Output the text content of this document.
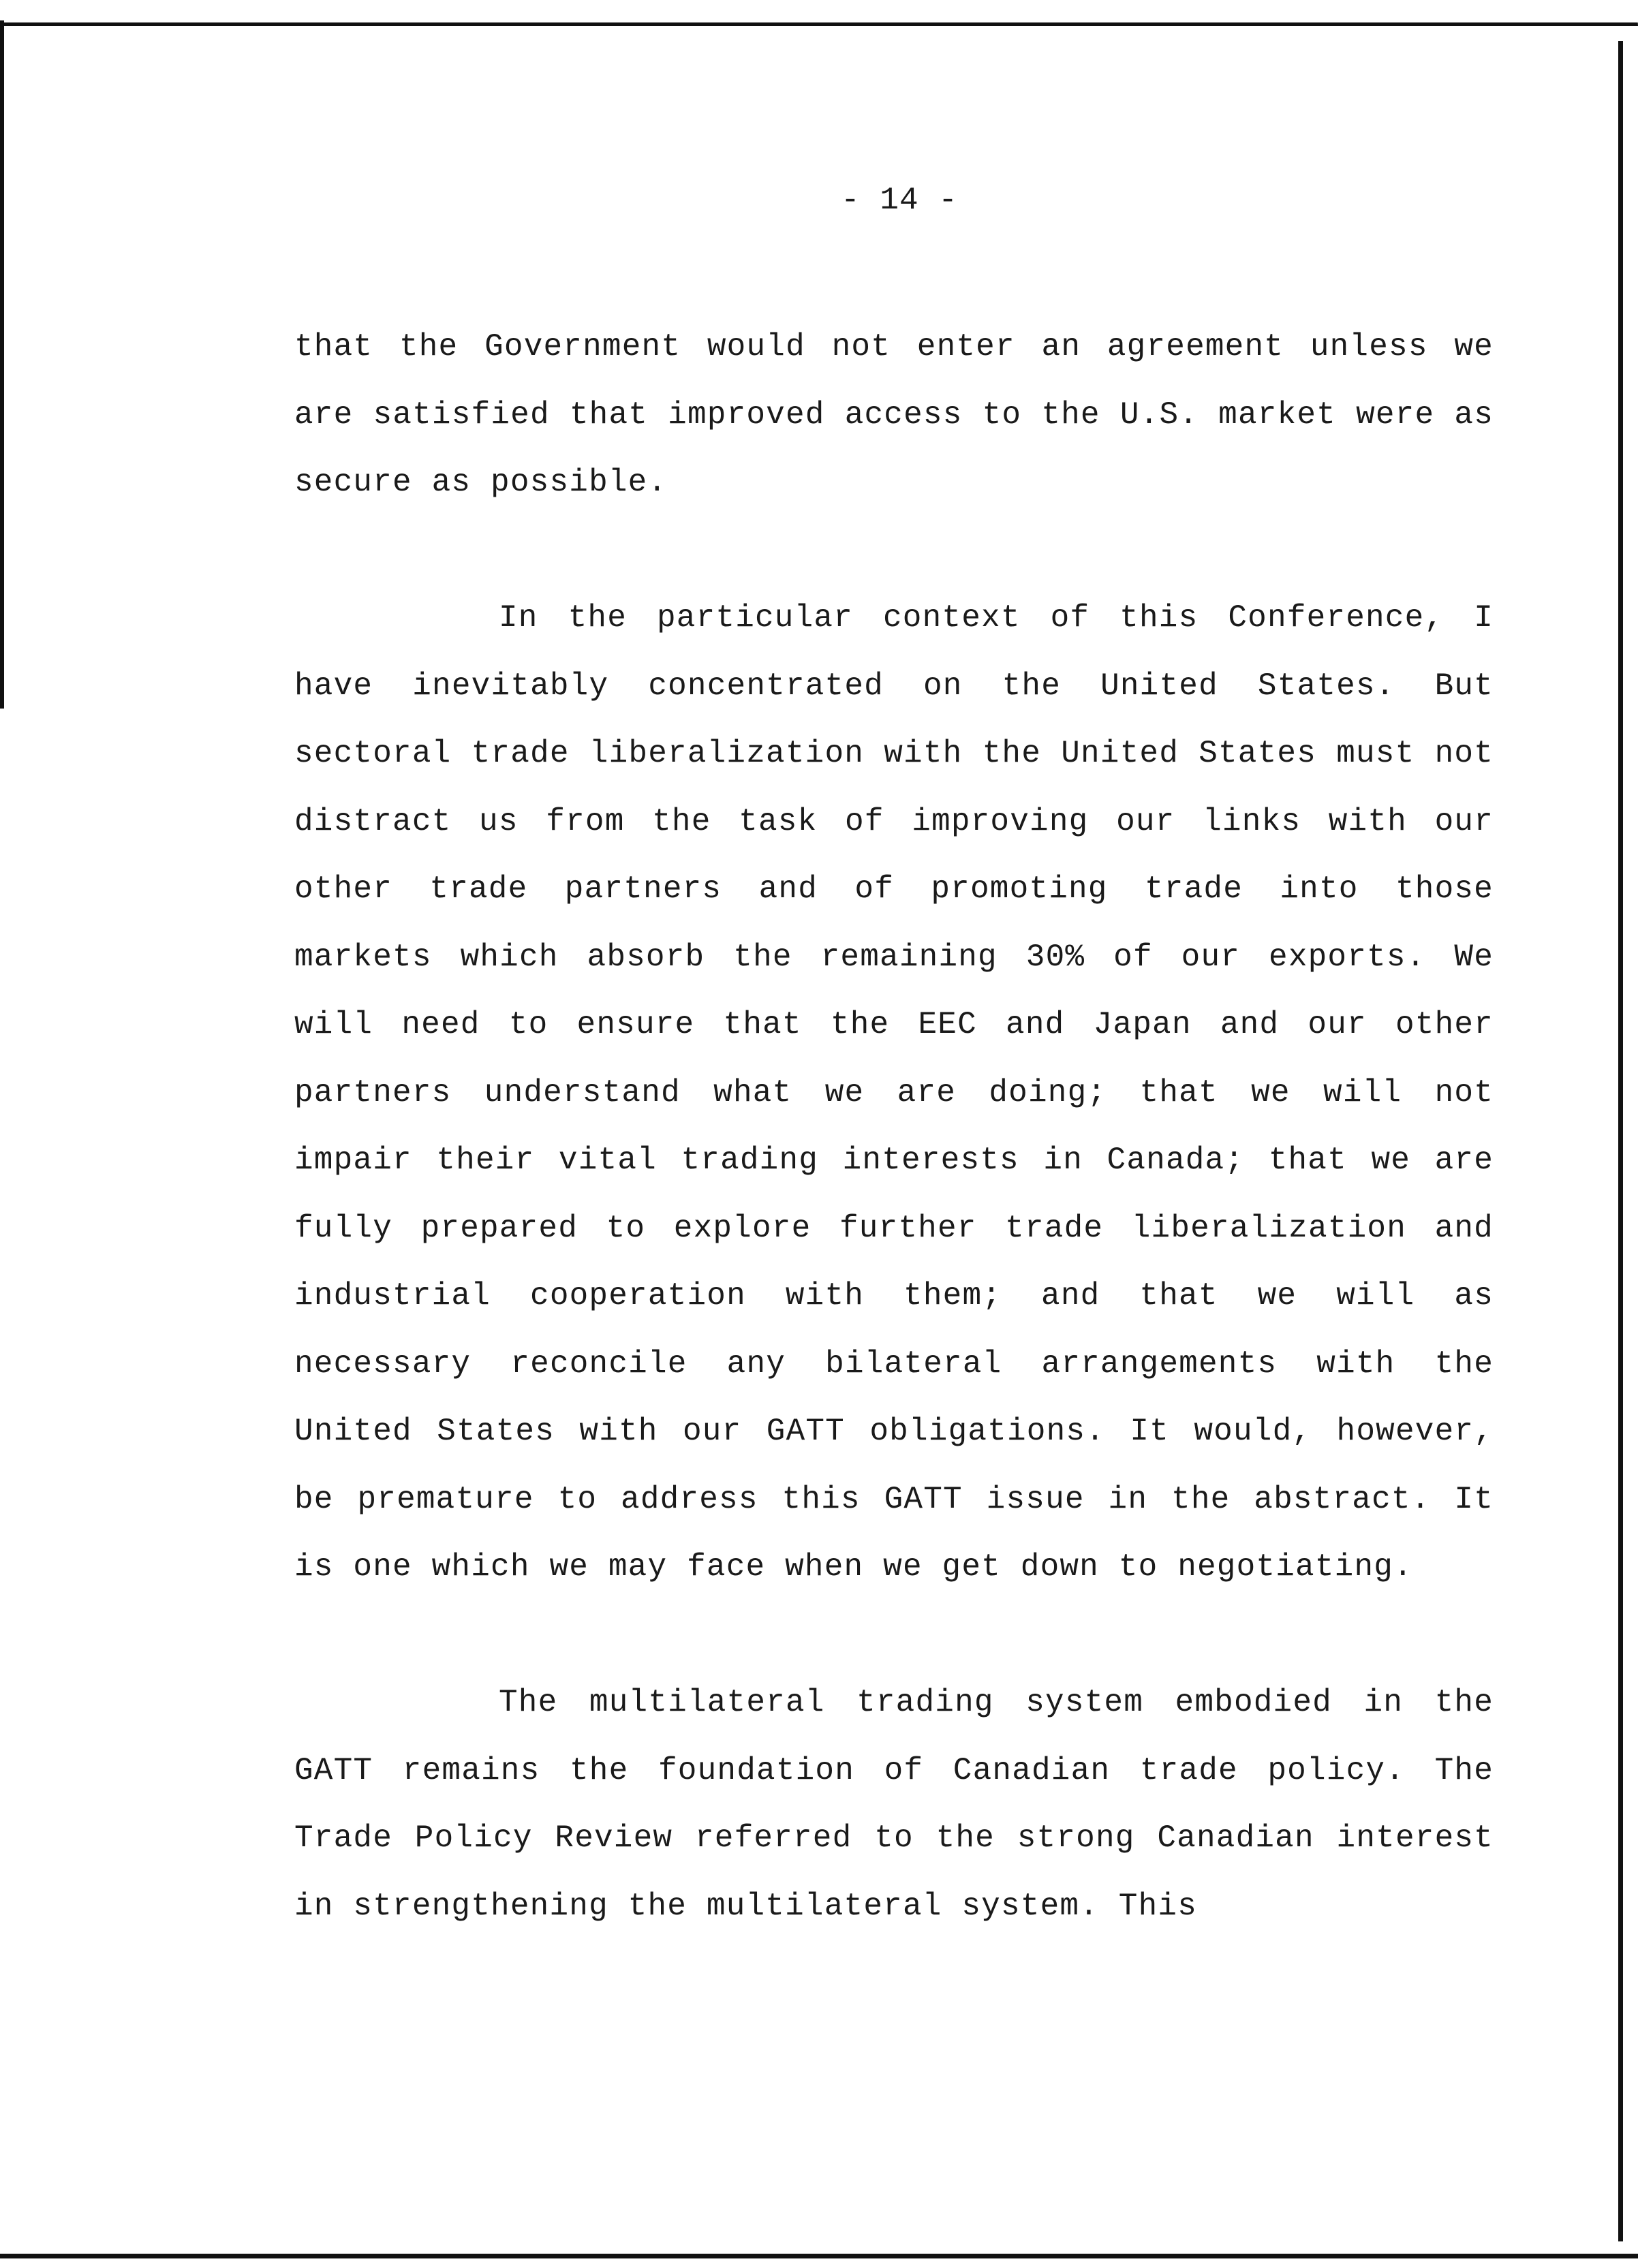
- 14 -

that the Government would not enter an agreement unless we are satisfied that improved access to the U.S. market were as secure as possible.

In the particular context of this Conference, I have inevitably concentrated on the United States. But sectoral trade liberalization with the United States must not distract us from the task of improving our links with our other trade partners and of promoting trade into those markets which absorb the remaining 30% of our exports. We will need to ensure that the EEC and Japan and our other partners understand what we are doing; that we will not impair their vital trading interests in Canada; that we are fully prepared to explore further trade liberalization and industrial cooperation with them; and that we will as necessary reconcile any bilateral arrangements with the United States with our GATT obligations. It would, however, be premature to address this GATT issue in the abstract. It is one which we may face when we get down to negotiating.

The multilateral trading system embodied in the GATT remains the foundation of Canadian trade policy. The Trade Policy Review referred to the strong Canadian interest in strengthening the multilateral system. This
